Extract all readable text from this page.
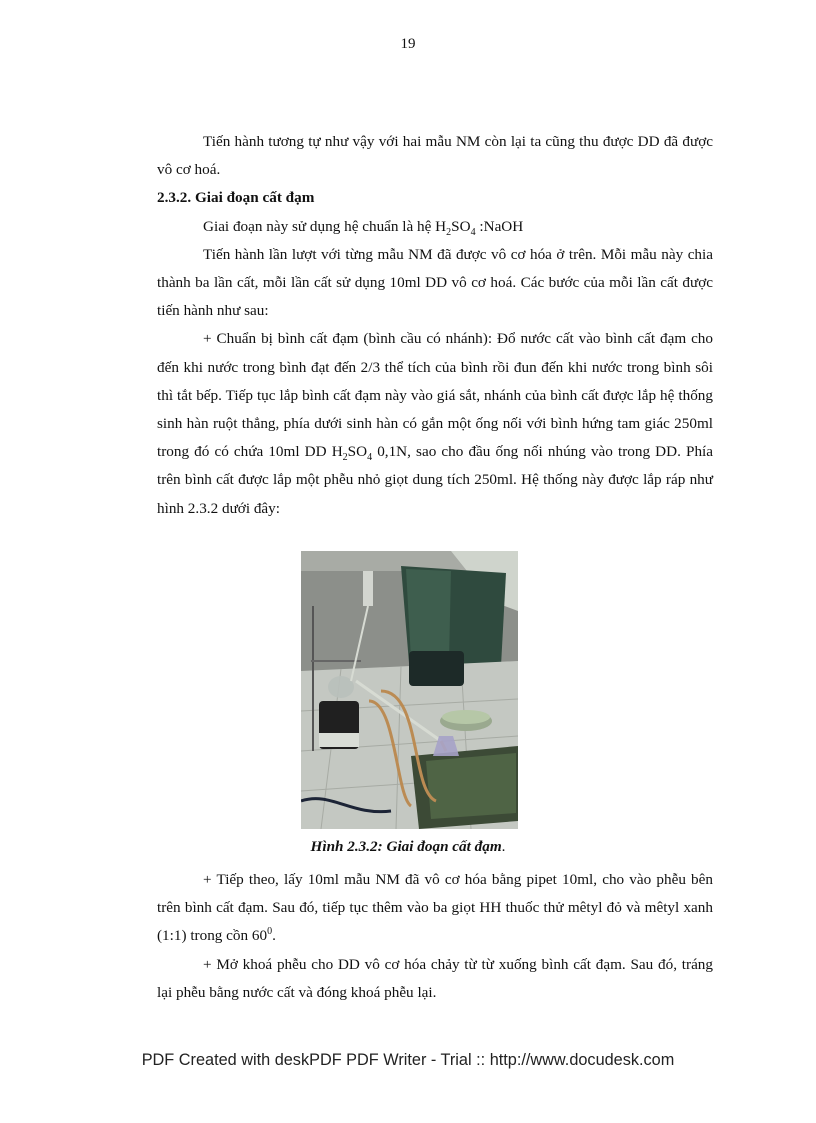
19

Tiến hành tương tự như vậy với hai mẫu NM còn lại ta cũng thu được DD đã được vô cơ hoá.

2.3.2. Giai đoạn cất đạm

Giai đoạn này sử dụng hệ chuẩn là hệ $H_2SO_4$ :NaOH

Tiến hành lần lượt với từng mẫu NM đã được vô cơ hóa ở trên. Mỗi mẫu này chia thành ba lần cất, mỗi lần cất sử dụng 10ml DD vô cơ hoá. Các bước của mỗi lần cất được tiến hành như sau:

+ Chuẩn bị bình cất đạm (bình cầu có nhánh): Đổ nước cất vào bình cất đạm cho đến khi nước trong bình đạt đến 2/3 thể tích của bình rồi đun đến khi nước trong bình sôi thì tắt bếp. Tiếp tục lắp bình cất đạm này vào giá sắt, nhánh của bình cất được lắp hệ thống sinh hàn ruột thẳng, phía dưới sinh hàn có gắn một ống nối với bình hứng tam giác 250ml trong đó có chứa 10ml DD $H_2SO_4$ 0,1N, sao cho đầu ống nối nhúng vào trong DD. Phía trên bình cất được lắp một phễu nhỏ giọt dung tích 250ml. Hệ thống này được lắp ráp như hình 2.3.2 dưới đây:

Hình 2.3.2: Giai đoạn cất đạm.

+ Tiếp theo, lấy 10ml mẫu NM đã vô cơ hóa bằng pipet 10ml, cho vào phễu bên trên bình cất đạm. Sau đó, tiếp tục thêm vào ba giọt HH thuốc thử mêtyl đỏ và mêtyl xanh (1:1) trong cồn $60^0$.

+ Mở khoá phễu cho DD vô cơ hóa chảy từ từ xuống bình cất đạm. Sau đó, tráng lại phễu bằng nước cất và đóng khoá phễu lại.

PDF Created with deskPDF PDF Writer - Trial :: http://www.docudesk.com
